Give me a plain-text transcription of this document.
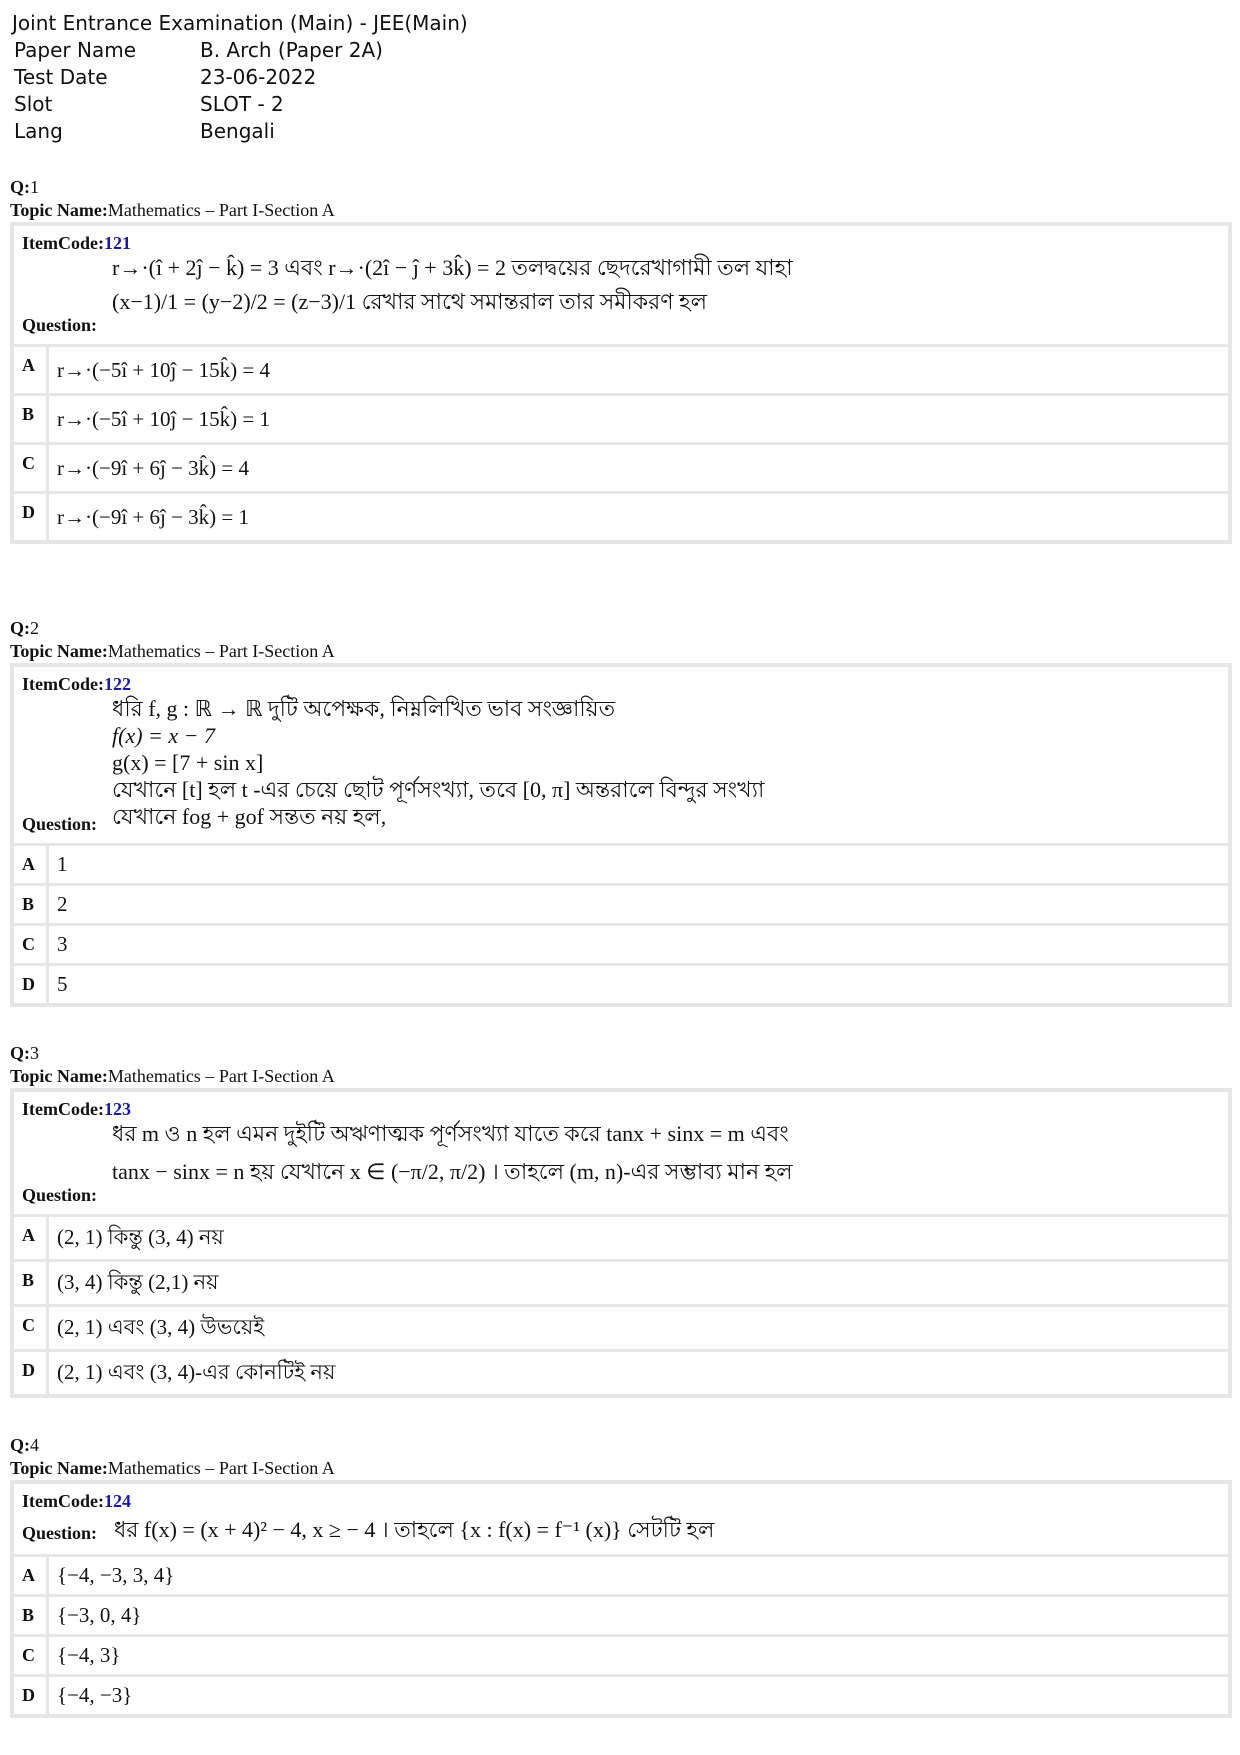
Joint Entrance Examination (Main) - JEE(Main)
Paper Name	B. Arch (Paper 2A)
Test Date	23-06-2022
Slot	SLOT - 2
Lang	Bengali
Q:1
Topic Name:Mathematics – Part I-Section A
ItemCode:121
r→·(î + 2ĵ − k̂) = 3 এবং r→·(2î − ĵ + 3k̂) = 2 তলদ্বয়ের ছেদরেখাগামী তল যাহা
(x−1)/1 = (y−2)/2 = (z−3)/1 রেখার সাথে সমান্তরাল তার সমীকরণ হল
Question:
A	r→·(−5î + 10ĵ − 15k̂) = 4
B	r→·(−5î + 10ĵ − 15k̂) = 1
C	r→·(−9î + 6ĵ − 3k̂) = 4
D	r→·(−9î + 6ĵ − 3k̂) = 1
Q:2
Topic Name:Mathematics – Part I-Section A
ItemCode:122
ধরি f, g : ℝ → ℝ দুটি অপেক্ষক, নিম্নলিখিত ভাব সংজ্ঞায়িত
f(x) = x − 7
g(x) = [7 + sin x]
যেখানে [t] হল t -এর চেয়ে ছোট পূর্ণসংখ্যা, তবে [0, π] অন্তরালে বিন্দুর সংখ্যা
যেখানে fog + gof সন্তত নয় হল,
Question:
A	1
B	2
C	3
D	5
Q:3
Topic Name:Mathematics – Part I-Section A
ItemCode:123
ধর m ও n হল এমন দুইটি অঋণাত্মক পূর্ণসংখ্যা যাতে করে tanx + sinx = m এবং
tanx − sinx = n হয় যেখানে x ∈ (−π/2, π/2) । তাহলে (m, n)-এর সম্ভাব্য মান হল
Question:
A	(2, 1) কিন্তু (3, 4) নয়
B	(3, 4) কিন্তু (2,1) নয়
C	(2, 1) এবং (3, 4) উভয়েই
D	(2, 1) এবং (3, 4)-এর কোনটিই নয়
Q:4
Topic Name:Mathematics – Part I-Section A
ItemCode:124
ধর f(x) = (x + 4)² − 4, x ≥ − 4 । তাহলে {x : f(x) = f⁻¹ (x)} সেটটি হল
Question:
A	{−4, −3, 3, 4}
B	{−3, 0, 4}
C	{−4, 3}
D	{−4, −3}
